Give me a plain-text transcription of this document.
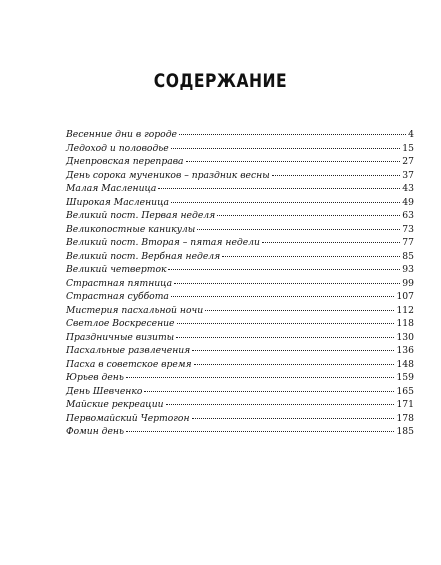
СОДЕРЖАНИЕ
Весенние дни в городе	4
Ледоход и половодье	15
Днепровская переправа	27
День сорока мучеников – праздник весны	37
Малая Масленица	43
Широкая Масленица	49
Великий пост. Первая неделя	63
Великопостные каникулы	73
Великий пост. Вторая – пятая недели	77
Великий пост. Вербная неделя	85
Великий четверток	93
Страстная пятница	99
Страстная суббота	107
Мистерия пасхальной ночи	112
Светлое Воскресение	118
Праздничные визиты	130
Пасхальные развлечения	136
Пасха в советское время	148
Юрьев день	159
День Шевченко	165
Майские рекреации	171
Первомайский Чертогон	178
Фомин день	185
